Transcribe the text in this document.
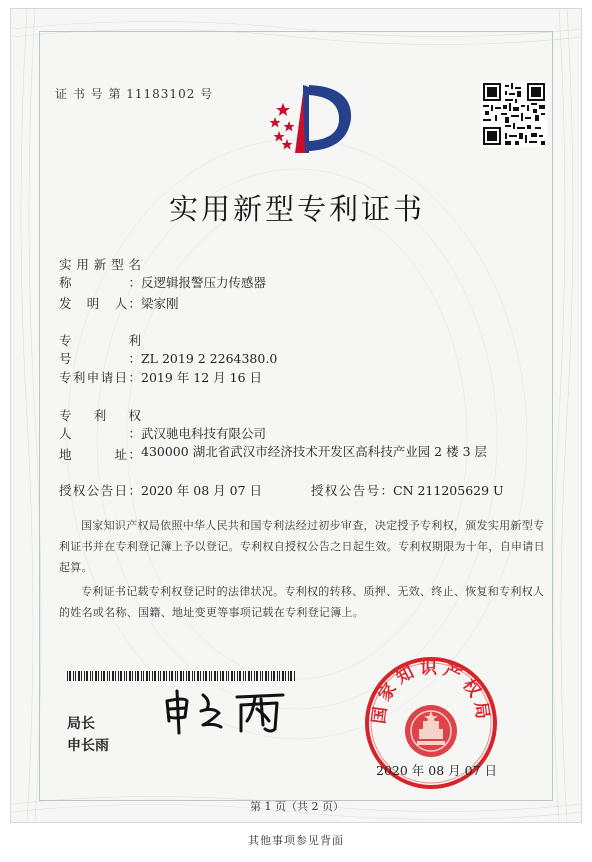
证 书 号 第 11183102 号
实用新型专利证书
实用新型名称：反逻辑报警压力传感器
发　明　人：梁家刚
专　　利　号：ZL 2019 2 2264380.0
专利申请日：2019 年 12 月 16 日
专　利　权　人：武汉驰电科技有限公司
地　　　址： 430000 湖北省武汉市经济技术开发区高科技产业园 2 楼 3 层
授权公告日：2020 年 08 月 07 日	授权公告号：CN 211205629 U
国家知识产权局依照中华人民共和国专利法经过初步审查，决定授予专利权，颁发实用新型专利证书并在专利登记簿上予以登记。专利权自授权公告之日起生效。专利权期限为十年，自申请日起算。
专利证书记载专利权登记时的法律状况。专利权的转移、质押、无效、终止、恢复和专利权人的姓名或名称、国籍、地址变更等事项记载在专利登记簿上。
局长
申长雨
国家知识产权局
2020 年 08 月 07 日
第 1 页（共 2 页）
其他事项参见背面
